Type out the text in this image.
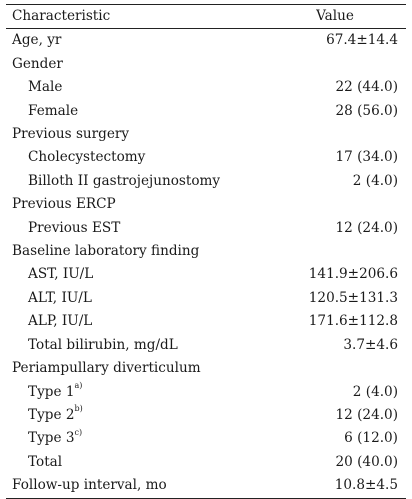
Characteristic	Value
Age, yr	67.4±14.4
Gender	
Male	22 (44.0)
Female	28 (56.0)
Previous surgery	
Cholecystectomy	17 (34.0)
Billoth II gastrojejunostomy	2 (4.0)
Previous ERCP	
Previous EST	12 (24.0)
Baseline laboratory finding	
AST, IU/L	141.9±206.6
ALT, IU/L	120.5±131.3
ALP, IU/L	171.6±112.8
Total bilirubin, mg/dL	3.7±4.6
Periampullary diverticulum	
Type 1$^{a)}$	2 (4.0)
Type 2$^{b)}$	12 (24.0)
Type 3$^{c)}$	6 (12.0)
Total	20 (40.0)
Follow-up interval, mo	10.8±4.5
